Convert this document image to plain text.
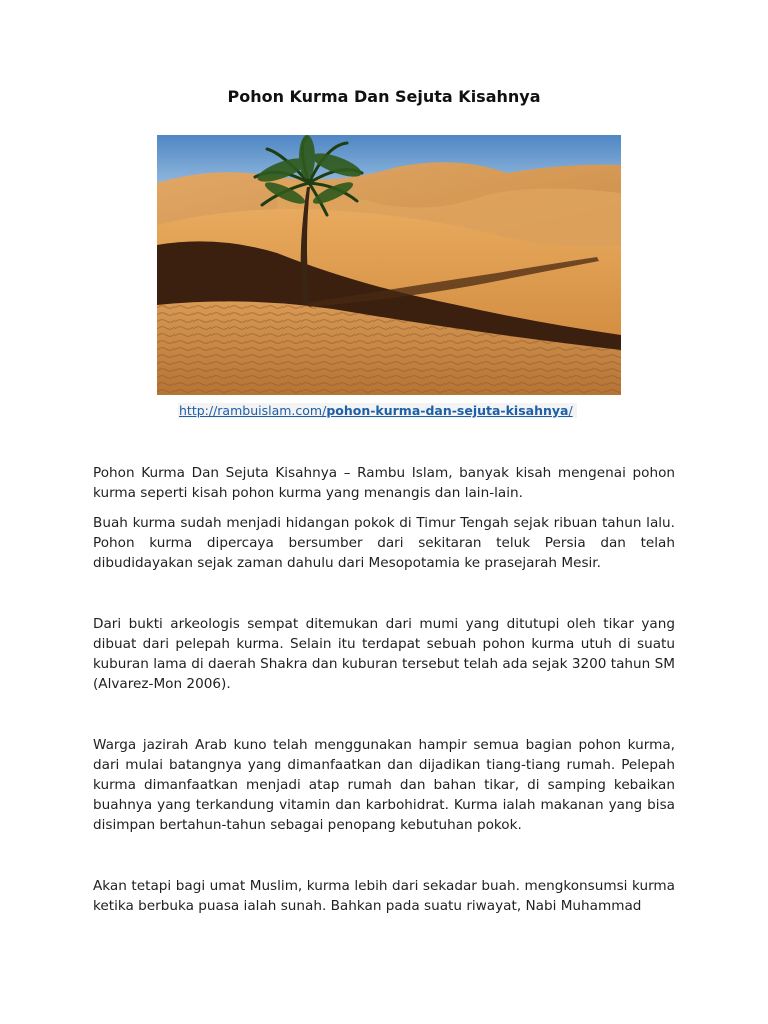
Pohon Kurma Dan Sejuta Kisahnya
http://rambuislam.com/pohon-kurma-dan-sejuta-kisahnya/
Pohon Kurma Dan Sejuta Kisahnya – Rambu Islam, banyak kisah mengenai pohon kurma seperti kisah pohon kurma yang menangis dan lain-lain.
Buah kurma sudah menjadi hidangan pokok di Timur Tengah sejak ribuan tahun lalu. Pohon kurma dipercaya bersumber dari sekitaran teluk Persia dan telah dibudidayakan sejak zaman dahulu dari Mesopotamia ke prasejarah Mesir.
Dari bukti arkeologis sempat ditemukan dari mumi yang ditutupi oleh tikar yang dibuat dari pelepah kurma. Selain itu terdapat sebuah pohon kurma utuh di suatu kuburan lama di daerah Shakra dan kuburan tersebut telah ada sejak 3200 tahun SM (Alvarez-Mon 2006).
Warga jazirah Arab kuno telah menggunakan hampir semua bagian pohon kurma, dari mulai batangnya yang dimanfaatkan dan dijadikan tiang-tiang rumah. Pelepah kurma dimanfaatkan menjadi atap rumah dan bahan tikar, di samping kebaikan buahnya yang terkandung vitamin dan karbohidrat. Kurma ialah makanan yang bisa disimpan bertahun-tahun sebagai penopang kebutuhan pokok.
Akan tetapi bagi umat Muslim, kurma lebih dari sekadar buah. mengkonsumsi kurma ketika berbuka puasa ialah sunah. Bahkan pada suatu riwayat, Nabi Muhammad
